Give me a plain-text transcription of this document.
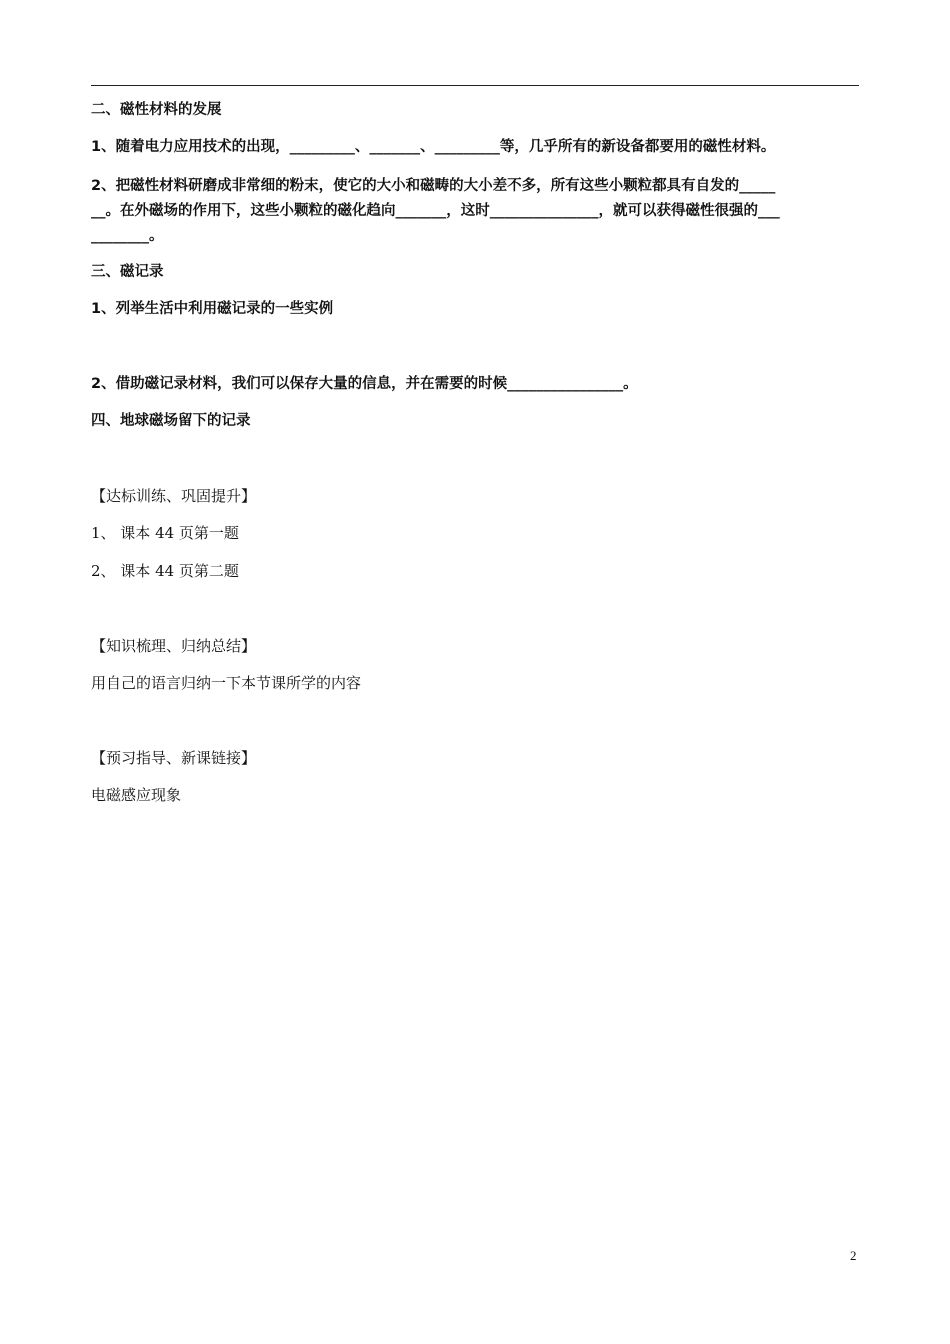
二、磁性材料的发展
1、随着电力应用技术的出现，_________、_______、_________等，几乎所有的新设备都要用的磁性材料。
2、把磁性材料研磨成非常细的粉末，使它的大小和磁畴的大小差不多，所有这些小颗粒都具有自发的_____
__。在外磁场的作用下，这些小颗粒的磁化趋向_______，这时_______________，就可以获得磁性很强的___
________。
三、磁记录
1、列举生活中利用磁记录的一些实例
2、借助磁记录材料，我们可以保存大量的信息，并在需要的时候________________。
四、地球磁场留下的记录
【达标训练、巩固提升】
1、 课本 44 页第一题
2、 课本 44 页第二题
【知识梳理、归纳总结】
用自己的语言归纳一下本节课所学的内容
【预习指导、新课链接】
电磁感应现象
2
